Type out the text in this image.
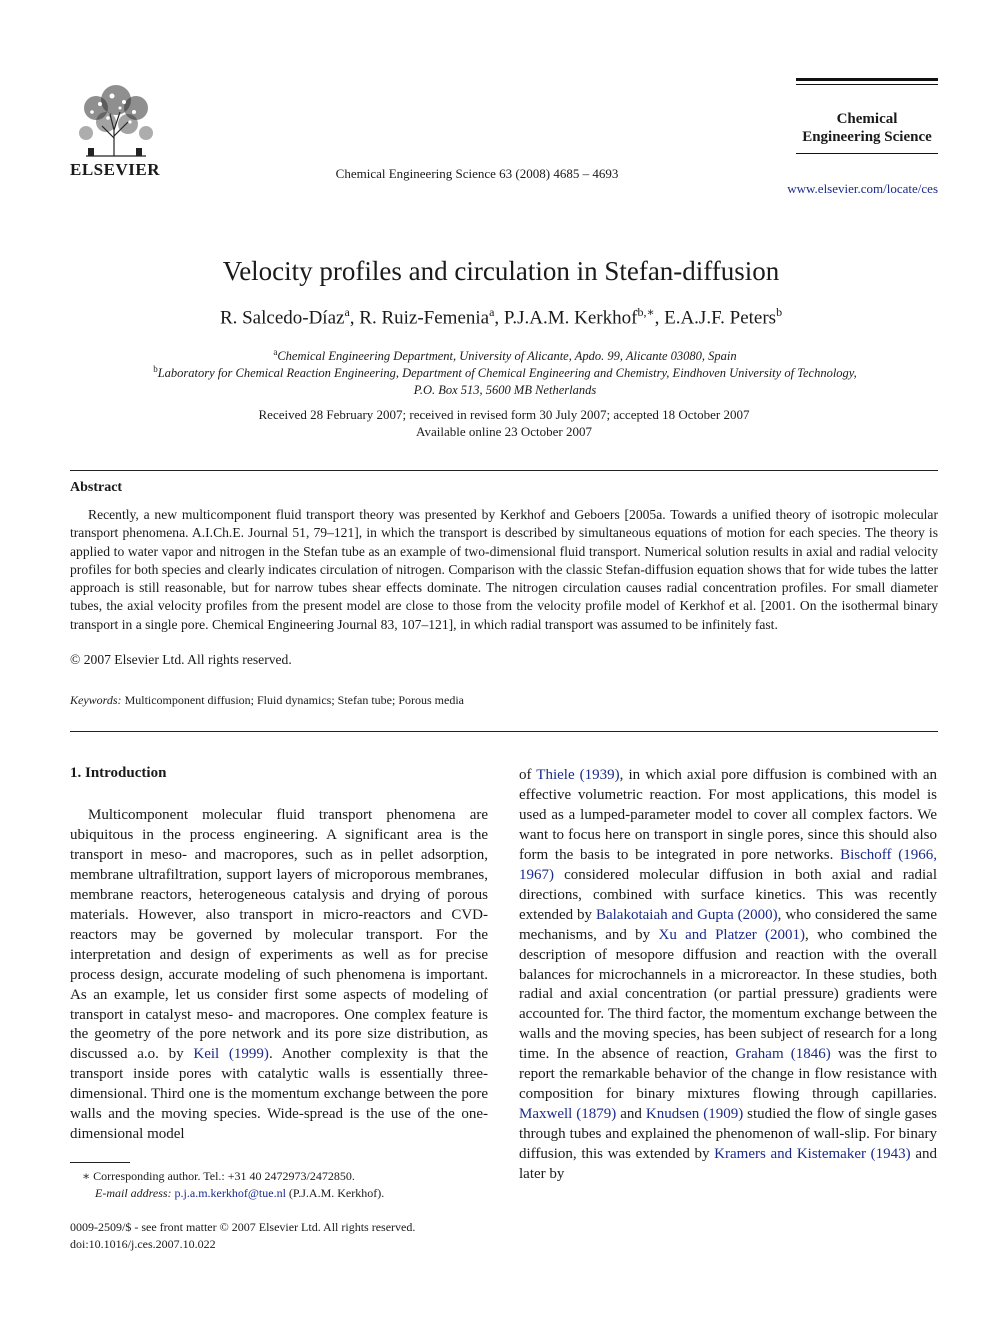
ELSEVIER	Chemical Engineering Science 63 (2008) 4685 – 4693
Chemical
Engineering Science
www.elsevier.com/locate/ces
Velocity profiles and circulation in Stefan-diffusion
R. Salcedo-Díaz$^a$, R. Ruiz-Femenia$^a$, P.J.A.M. Kerkhof$^{b,∗}$, E.A.J.F. Peters$^b$
$^a$Chemical Engineering Department, University of Alicante, Apdo. 99, Alicante 03080, Spain
$^b$Laboratory for Chemical Reaction Engineering, Department of Chemical Engineering and Chemistry, Eindhoven University of Technology,
P.O. Box 513, 5600 MB Netherlands
Received 28 February 2007; received in revised form 30 July 2007; accepted 18 October 2007
Available online 23 October 2007
Abstract
Recently, a new multicomponent fluid transport theory was presented by Kerkhof and Geboers [2005a. Towards a unified theory of isotropic molecular transport phenomena. A.I.Ch.E. Journal 51, 79–121], in which the transport is described by simultaneous equations of motion for each species. The theory is applied to water vapor and nitrogen in the Stefan tube as an example of two-dimensional fluid transport. Numerical solution results in axial and radial velocity profiles for both species and clearly indicates circulation of nitrogen. Comparison with the classic Stefan-diffusion equation shows that for wide tubes the latter approach is still reasonable, but for narrow tubes shear effects dominate. The nitrogen circulation causes radial concentration profiles. For small diameter tubes, the axial velocity profiles from the present model are close to those from the velocity profile model of Kerkhof et al. [2001. On the isothermal binary transport in a single pore. Chemical Engineering Journal 83, 107–121], in which radial transport was assumed to be infinitely fast.
© 2007 Elsevier Ltd. All rights reserved.
Keywords: Multicomponent diffusion; Fluid dynamics; Stefan tube; Porous media
1. Introduction
Multicomponent molecular fluid transport phenomena are ubiquitous in the process engineering. A significant area is the transport in meso- and macropores, such as in pellet adsorption, membrane ultrafiltration, support layers of microporous membranes, membrane reactors, heterogeneous catalysis and drying of porous materials. However, also transport in micro-reactors and CVD-reactors may be governed by molecular transport. For the interpretation and design of experiments as well as for precise process design, accurate modeling of such phenomena is important. As an example, let us consider first some aspects of modeling of transport in catalyst meso- and macropores. One complex feature is the geometry of the pore network and its pore size distribution, as discussed a.o. by Keil (1999). Another complexity is that the transport inside pores with catalytic walls is essentially three-dimensional. Third one is the momentum exchange between the pore walls and the moving species. Wide-spread is the use of the one-dimensional model
of Thiele (1939), in which axial pore diffusion is combined with an effective volumetric reaction. For most applications, this model is used as a lumped-parameter model to cover all complex factors. We want to focus here on transport in single pores, since this should also form the basis to be integrated in pore networks. Bischoff (1966, 1967) considered molecular diffusion in both axial and radial directions, combined with surface kinetics. This was recently extended by Balakotaiah and Gupta (2000), who considered the same mechanisms, and by Xu and Platzer (2001), who combined the description of mesopore diffusion and reaction with the overall balances for microchannels in a microreactor. In these studies, both radial and axial concentration (or partial pressure) gradients were accounted for. The third factor, the momentum exchange between the walls and the moving species, has been subject of research for a long time. In the absence of reaction, Graham (1846) was the first to report the remarkable behavior of the change in flow resistance with composition for binary mixtures flowing through capillaries. Maxwell (1879) and Knudsen (1909) studied the flow of single gases through tubes and explained the phenomenon of wall-slip. For binary diffusion, this was extended by Kramers and Kistemaker (1943) and later by
∗ Corresponding author. Tel.: +31 40 2472973/2472850.
E-mail address: p.j.a.m.kerkhof@tue.nl (P.J.A.M. Kerkhof).
0009-2509/$ - see front matter © 2007 Elsevier Ltd. All rights reserved.
doi:10.1016/j.ces.2007.10.022
